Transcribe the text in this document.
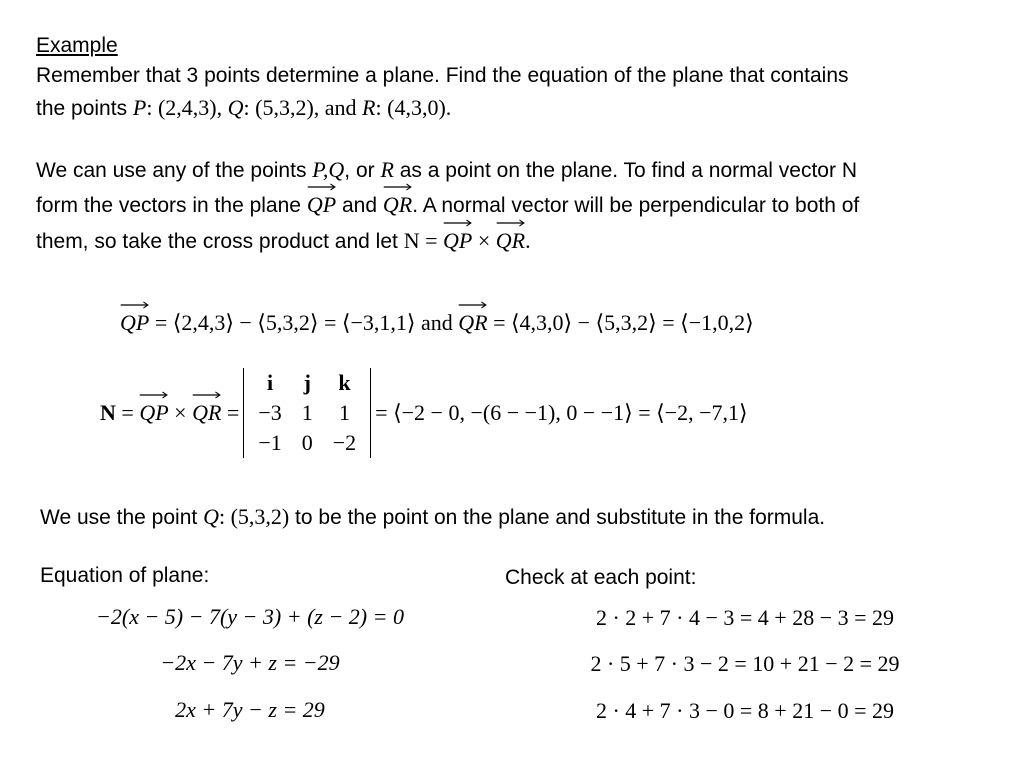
Example
Remember that 3 points determine a plane. Find the equation of the plane that contains
the points P: (2,4,3), Q: (5,3,2), and R: (4,3,0).
We can use any of the points P,Q, or R as a point on the plane. To find a normal vector N
form the vectors in the plane
QP and
QR. A normal vector will be perpendicular to both of
them, so take the cross product and let N =
QP ×
QR.
QP = ⟨2,4,3⟩ − ⟨5,3,2⟩ = ⟨−3,1,1⟩ and
QR = ⟨4,3,0⟩ − ⟨5,3,2⟩ = ⟨−1,0,2⟩
N = QP × QR =
i	j	k
−3	1	1
−1	0	−2
= ⟨−2 − 0, −(6 − −1), 0 − −1⟩ = ⟨−2, −7,1⟩
We use the point Q: (5,3,2) to be the point on the plane and substitute in the formula.
Equation of plane:
−2(x − 5) − 7(y − 3) + (z − 2) = 0
−2x − 7y + z = −29
2x + 7y − z = 29
Check at each point:
2 · 2 + 7 · 4 − 3 = 4 + 28 − 3 = 29
2 · 5 + 7 · 3 − 2 = 10 + 21 − 2 = 29
2 · 4 + 7 · 3 − 0 = 8 + 21 − 0 = 29
